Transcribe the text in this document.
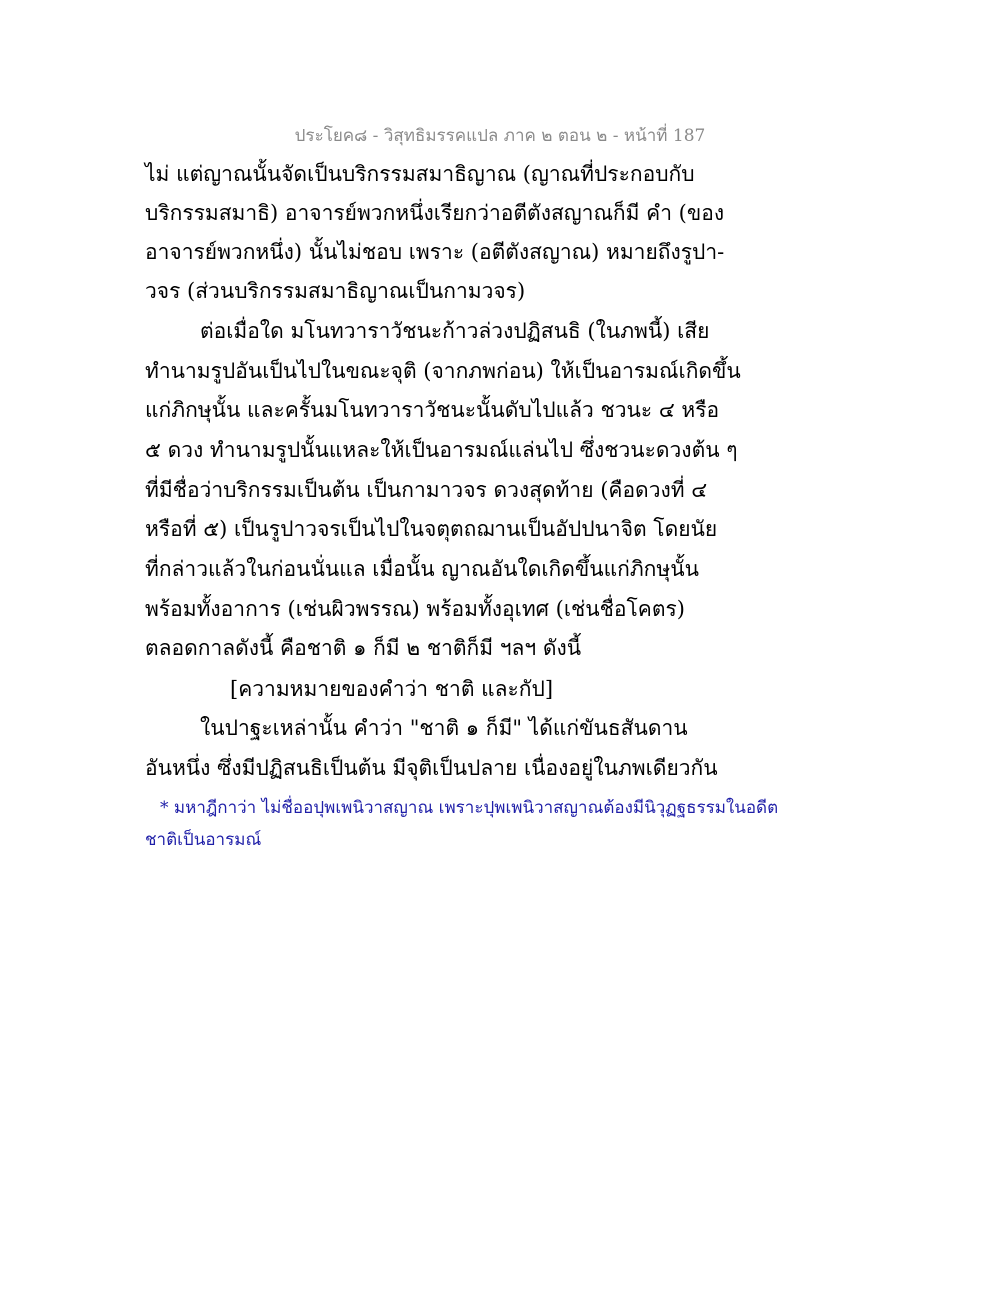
ประโยค๘ - วิสุทธิมรรคแปล ภาค ๒ ตอน ๒ - หน้าที่ 187
ไม่ แต่ญาณนั้นจัดเป็นบริกรรมสมาธิญาณ (ญาณที่ประกอบกับ
บริกรรมสมาธิ) อาจารย์พวกหนึ่งเรียกว่าอตีตังสญาณก็มี คำ (ของ
อาจารย์พวกหนึ่ง) นั้นไม่ชอบ เพราะ (อตีตังสญาณ) หมายถึงรูปา-
วจร (ส่วนบริกรรมสมาธิญาณเป็นกามวจร)
ต่อเมื่อใด มโนทวาราวัชนะก้าวล่วงปฏิสนธิ (ในภพนี้) เสีย
ทำนามรูปอันเป็นไปในขณะจุติ (จากภพก่อน) ให้เป็นอารมณ์เกิดขึ้น
แก่ภิกษุนั้น และครั้นมโนทวาราวัชนะนั้นดับไปแล้ว ชวนะ ๔ หรือ
๕ ดวง ทำนามรูปนั้นแหละให้เป็นอารมณ์แล่นไป ซึ่งชวนะดวงต้น ๆ
ที่มีชื่อว่าบริกรรมเป็นต้น เป็นกามาวจร ดวงสุดท้าย (คือดวงที่ ๔
หรือที่ ๕) เป็นรูปาวจรเป็นไปในจตุตถฌานเป็นอัปปนาจิต โดยนัย
ที่กล่าวแล้วในก่อนนั่นแล เมื่อนั้น ญาณอันใดเกิดขึ้นแก่ภิกษุนั้น
พร้อมทั้งอาการ (เช่นผิวพรรณ) พร้อมทั้งอุเทศ (เช่นชื่อโคตร)
ตลอดกาลดังนี้ คือชาติ ๑ ก็มี ๒ ชาติก็มี ฯลฯ ดังนี้
[ความหมายของคำว่า ชาติ และกัป]
ในปาฐะเหล่านั้น คำว่า "ชาติ ๑ ก็มี" ได้แก่ขันธสันดาน
อันหนึ่ง ซึ่งมีปฏิสนธิเป็นต้น มีจุติเป็นปลาย เนื่องอยู่ในภพเดียวกัน
* มหาฎีกาว่า ไม่ชื่ออปุพเพนิวาสญาณ เพราะปุพเพนิวาสญาณต้องมีนิวุฏฐธรรมในอดีต
ชาติเป็นอารมณ์
